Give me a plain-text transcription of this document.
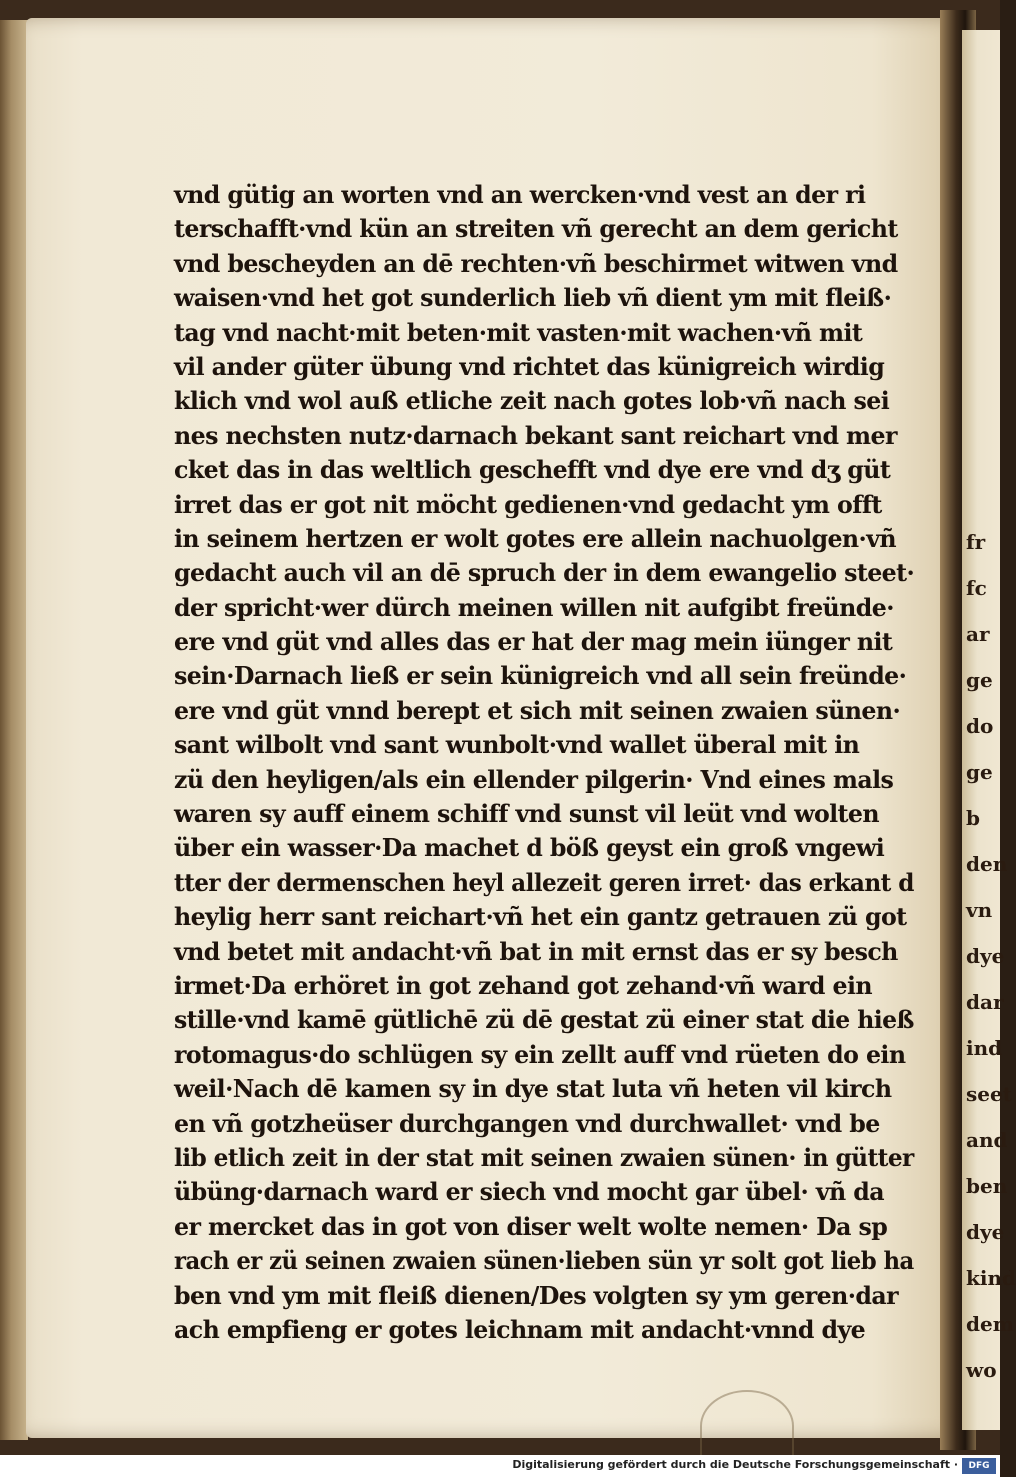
vnd gütig an worten vnd an wercken·vnd vest an der ri
terschafft·vnd kün an streiten vñ gerecht an dem gericht
vnd bescheyden an dē rechten·vñ beschirmet witwen vnd
waisen·vnd het got sunderlich lieb vñ dient ym mit fleiß·
tag vnd nacht·mit beten·mit vasten·mit wachen·vñ mit
vil ander güter übung vnd richtet das künigreich wirdig
klich vnd wol auß etliche zeit nach gotes lob·vñ nach sei
nes nechsten nutz·darnach bekant sant reichart vnd mer
cket das in das weltlich geschefft vnd dye ere vnd dʒ güt
irret das er got nit möcht gedienen·vnd gedacht ym offt
in seinem hertzen er wolt gotes ere allein nachuolgen·vñ
gedacht auch vil an dē spruch der in dem ewangelio steet·
der spricht·wer dürch meinen willen nit aufgibt freünde·
ere vnd güt vnd alles das er hat der mag mein iünger nit
sein·Darnach ließ er sein künigreich vnd all sein freünde·
ere vnd güt vnnd berept et sich mit seinen zwaien sünen·
sant wilbolt vnd sant wunbolt·vnd wallet überal mit in
zü den heyligen/als ein ellender pilgerin· Vnd eines mals
waren sy auff einem schiff vnd sunst vil leüt vnd wolten
über ein wasser·Da machet d böß geyst ein groß vngewi
tter der dermenschen heyl allezeit geren irret· das erkant d
heylig herr sant reichart·vñ het ein gantz getrauen zü got
vnd betet mit andacht·vñ bat in mit ernst das er sy besch
irmet·Da erhöret in got zehand got zehand·vñ ward ein
stille·vnd kamē gütlichē zü dē gestat zü einer stat die hieß
rotomagus·do schlügen sy ein zellt auff vnd rüeten do ein
weil·Nach dē kamen sy in dye stat luta vñ heten vil kirch
en vñ gotzheüser durchgangen vnd durchwallet· vnd be
lib etlich zeit in der stat mit seinen zwaien sünen· in gütter
übüng·darnach ward er siech vnd mocht gar übel· vñ da
er mercket das in got von diser welt wolte nemen· Da sp
rach er zü seinen zwaien sünen·lieben sün yr solt got lieb ha
ben vnd ym mit fleiß dienen/Des volgten sy ym geren·dar
ach empfieng er gotes leichnam mit andacht·vnnd dye
fr
fc
ar
ge
do
ge
b
den
vn
dye
dar
ind
seet
and
ben
dye
kind
dem
wo
Digitalisierung gefördert durch die Deutsche Forschungsgemeinschaft ·	DFG
